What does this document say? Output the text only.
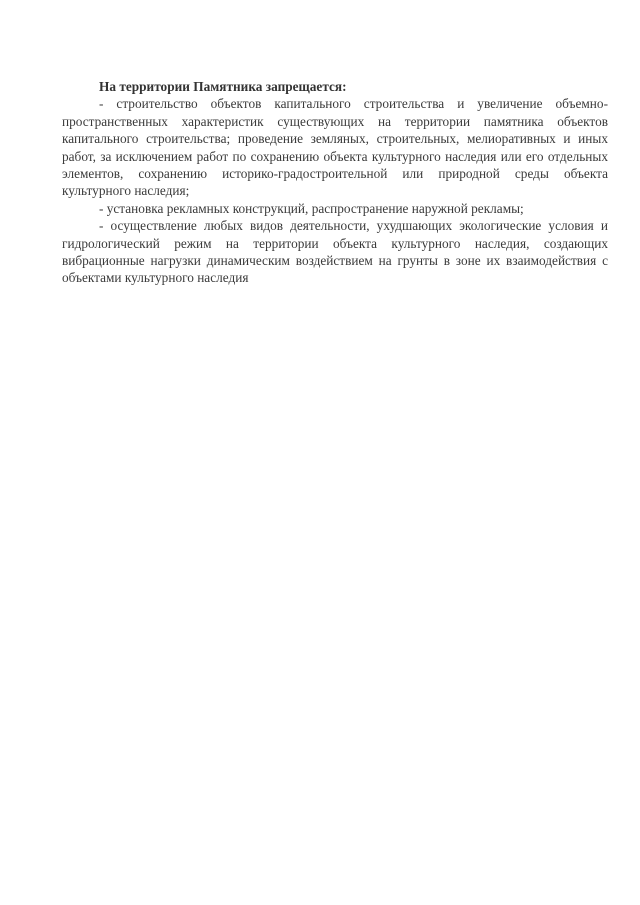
На территории Памятника запрещается:

- строительство объектов капитального строительства и увеличение объемно-пространственных характеристик существующих на территории памятника объектов капитального строительства; проведение земляных, строительных, мелиоративных и иных работ, за исключением работ по сохранению объекта культурного наследия или его отдельных элементов, сохранению историко-градостроительной или природной среды объекта культурного наследия;

- установка рекламных конструкций, распространение наружной рекламы;

- осуществление любых видов деятельности, ухудшающих экологические условия и гидрологический режим на территории объекта культурного наследия, создающих вибрационные нагрузки динамическим воздействием на грунты в зоне их взаимодействия с объектами культурного наследия
